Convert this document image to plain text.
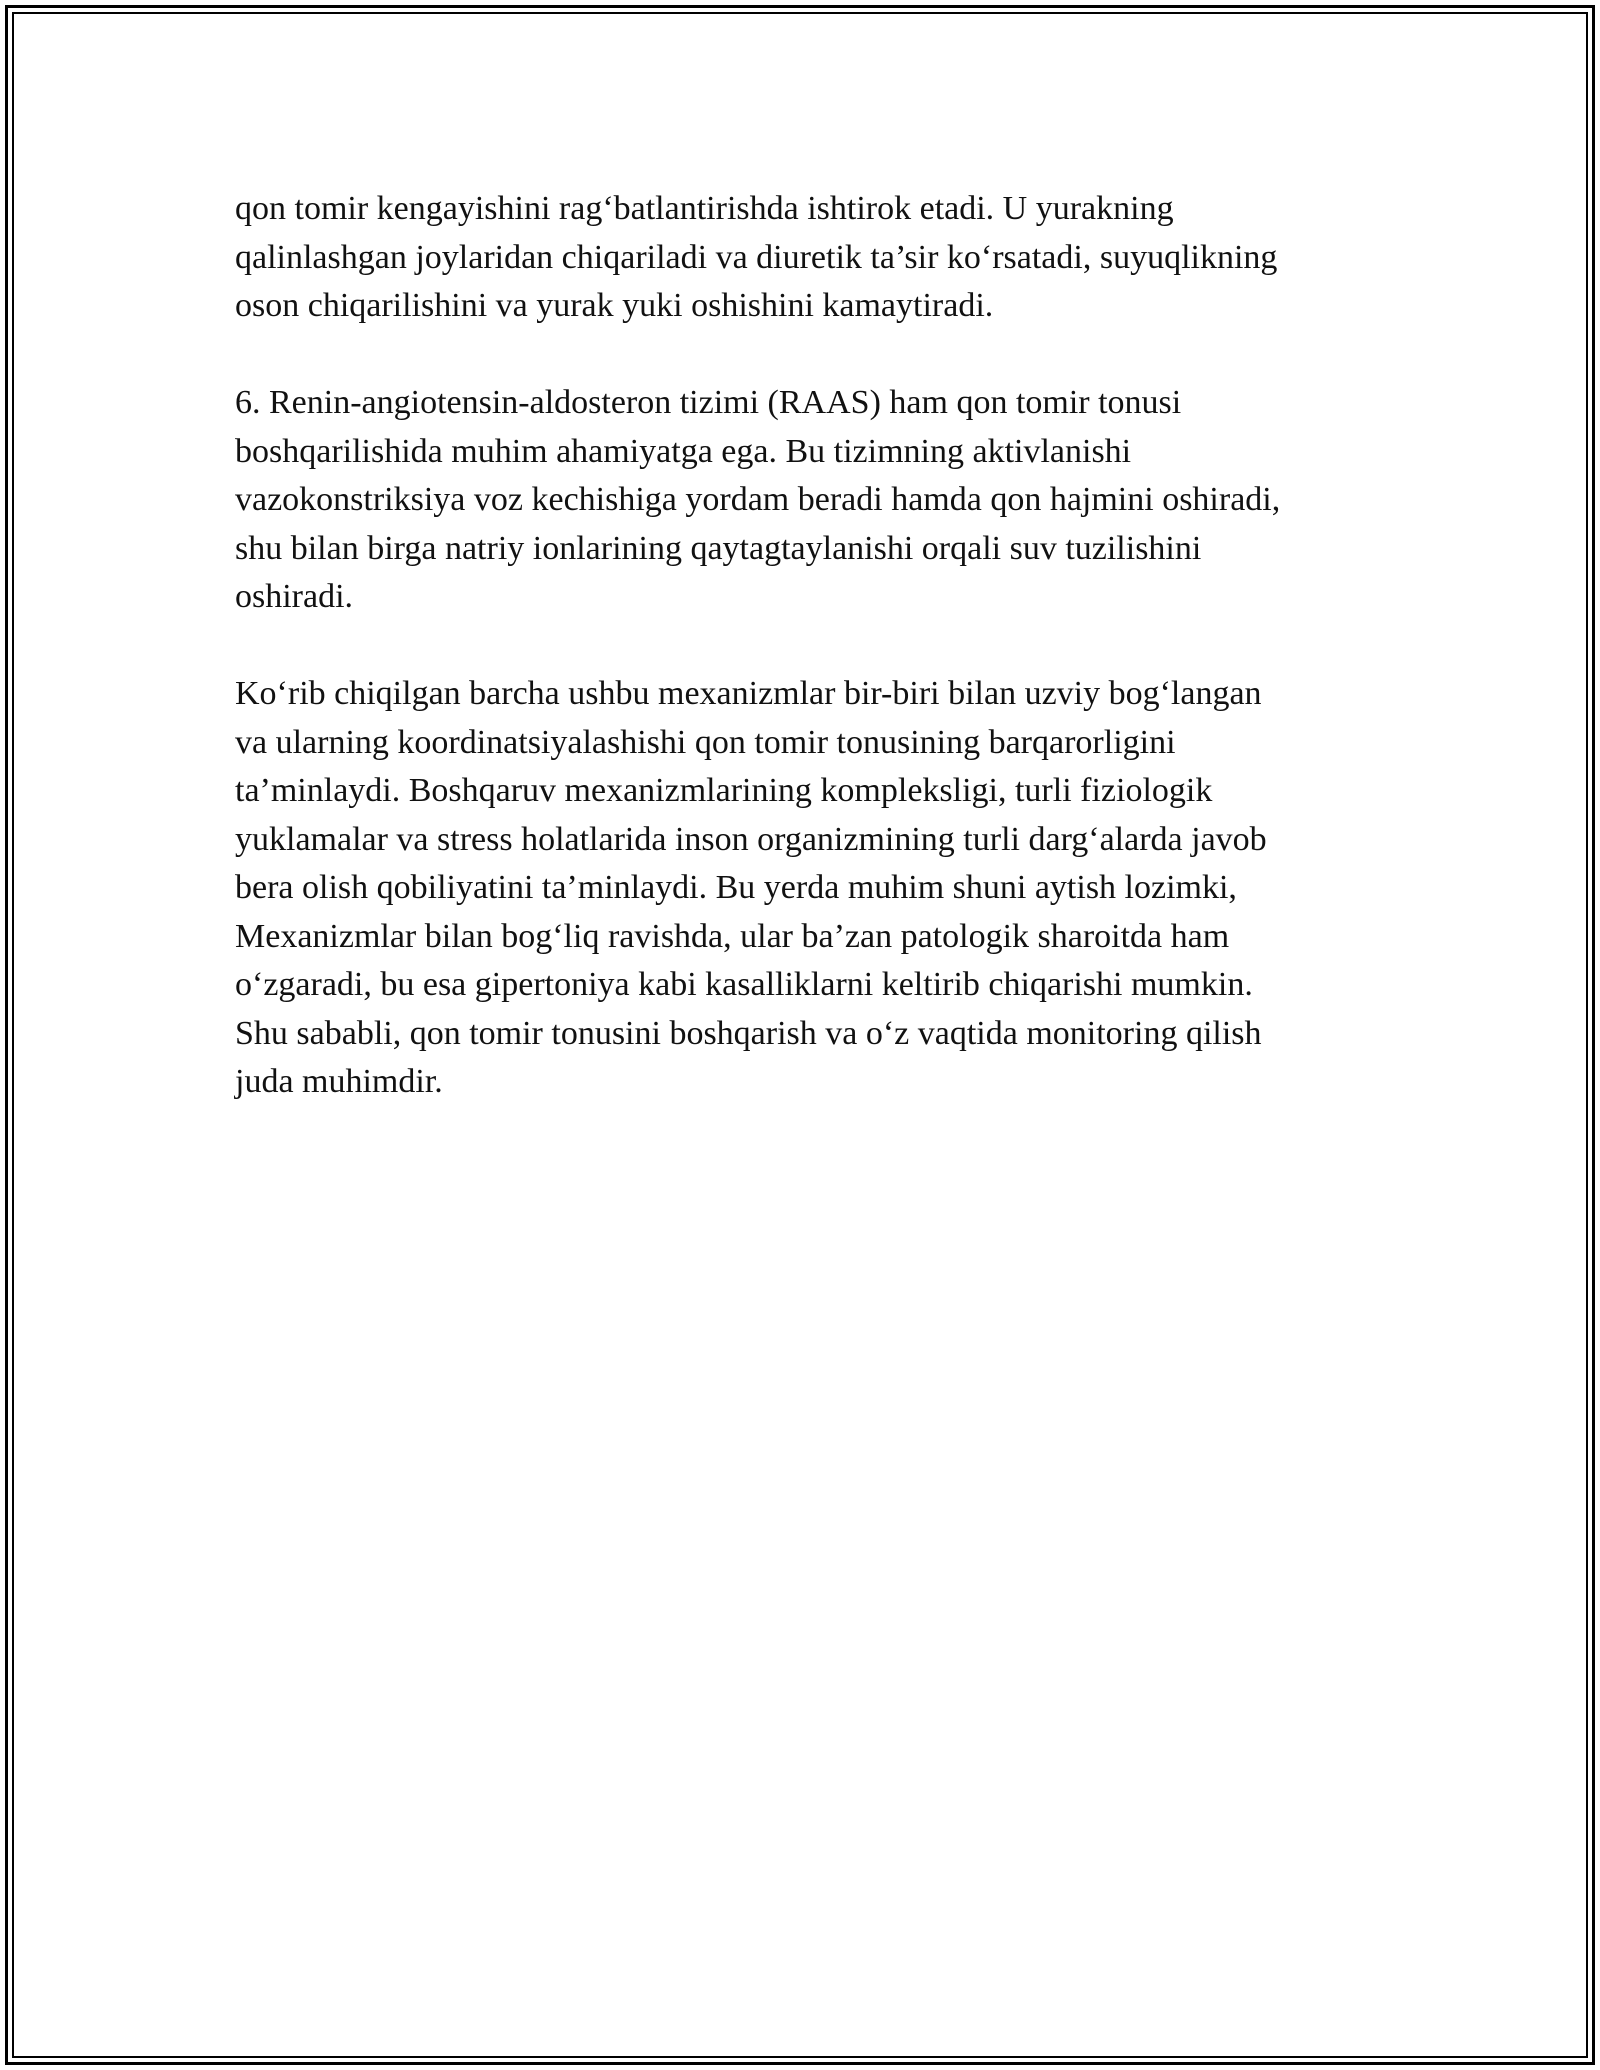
qon tomir kengayishini rag‘batlantirishda ishtirok etadi. U yurakning
qalinlashgan joylaridan chiqariladi va diuretik ta’sir ko‘rsatadi, suyuqlikning
oson chiqarilishini va yurak yuki oshishini kamaytiradi.

6. Renin-angiotensin-aldosteron tizimi (RAAS) ham qon tomir tonusi
boshqarilishida muhim ahamiyatga ega. Bu tizimning aktivlanishi
vazokonstriksiya voz kechishiga yordam beradi hamda qon hajmini oshiradi,
shu bilan birga natriy ionlarining qaytagtaylanishi orqali suv tuzilishini
oshiradi.

Ko‘rib chiqilgan barcha ushbu mexanizmlar bir-biri bilan uzviy bog‘langan
va ularning koordinatsiyalashishi qon tomir tonusining barqarorligini
ta’minlaydi. Boshqaruv mexanizmlarining kompleksligi, turli fiziologik
yuklamalar va stress holatlarida inson organizmining turli darg‘alarda javob
bera olish qobiliyatini ta’minlaydi. Bu yerda muhim shuni aytish lozimki,
Mexanizmlar bilan bog‘liq ravishda, ular ba’zan patologik sharoitda ham
o‘zgaradi, bu esa gipertoniya kabi kasalliklarni keltirib chiqarishi mumkin.
Shu sababli, qon tomir tonusini boshqarish va o‘z vaqtida monitoring qilish
juda muhimdir.
